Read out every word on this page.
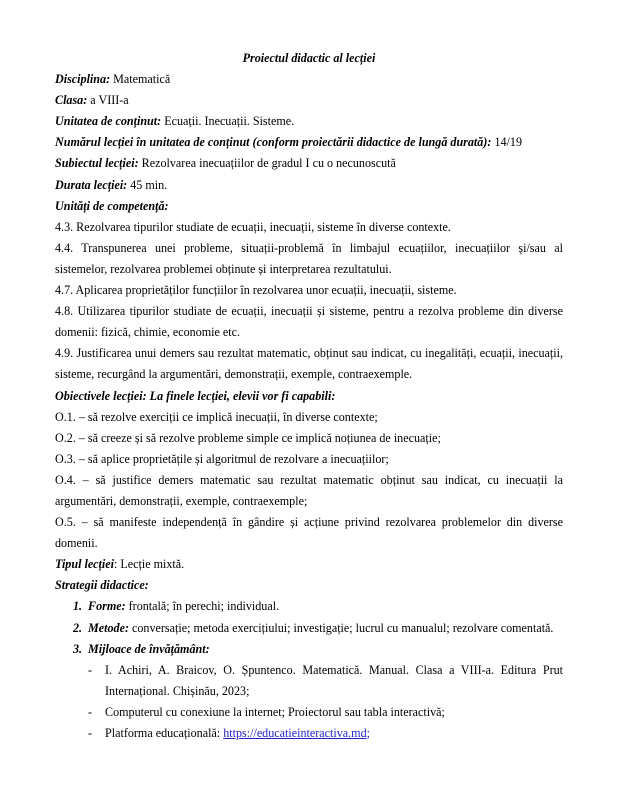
Proiectul didactic al lecției

Disciplina: Matematică

Clasa: a VIII-a

Unitatea de conținut: Ecuații. Inecuații. Sisteme.

Numărul lecției în unitatea de conținut (conform proiectării didactice de lungă durată): 14/19

Subiectul lecției: Rezolvarea inecuațiilor de gradul I cu o necunoscută

Durata lecției: 45 min.

Unități de competență:

4.3. Rezolvarea tipurilor studiate de ecuații, inecuații, sisteme în diverse contexte.

4.4. Transpunerea unei probleme, situații-problemă în limbajul ecuațiilor, inecuațiilor și/sau al sistemelor, rezolvarea problemei obținute și interpretarea rezultatului.

4.7. Aplicarea proprietăților funcțiilor în rezolvarea unor ecuații, inecuații, sisteme.

4.8. Utilizarea tipurilor studiate de ecuații, inecuații și sisteme, pentru a rezolva probleme din diverse domenii: fizică, chimie, economie etc.

4.9. Justificarea unui demers sau rezultat matematic, obținut sau indicat, cu inegalități, ecuații, inecuații, sisteme, recurgând la argumentări, demonstrații, exemple, contraexemple.

Obiectivele lecției: La finele lecției, elevii vor fi capabili:

O.1. – să rezolve exerciții ce implică inecuații, în diverse contexte;

O.2. – să creeze și să rezolve probleme simple ce implică noțiunea de inecuație;

O.3. – să aplice proprietățile și algoritmul de rezolvare a inecuațiilor;

O.4. – să justifice demers matematic sau rezultat matematic obținut sau indicat, cu inecuații la argumentări, demonstrații, exemple, contraexemple;

O.5. – să manifeste independență în gândire și acțiune privind rezolvarea problemelor din diverse domenii.

Tipul lecției: Lecție mixtă.

Strategii didactice:

1. Forme: frontală; în perechi; individual.
2. Metode: conversație; metoda exercițiului; investigație; lucrul cu manualul; rezolvare comentată.
3. Mijloace de învățământ:
- I. Achiri, A. Braicov, O. Șpuntenco. Matematică. Manual. Clasa a VIII-a. Editura Prut Internațional. Chișinău, 2023;
- Computerul cu conexiune la internet; Proiectorul sau tabla interactivă;
- Platforma educațională: https://educatieinteractiva.md;
